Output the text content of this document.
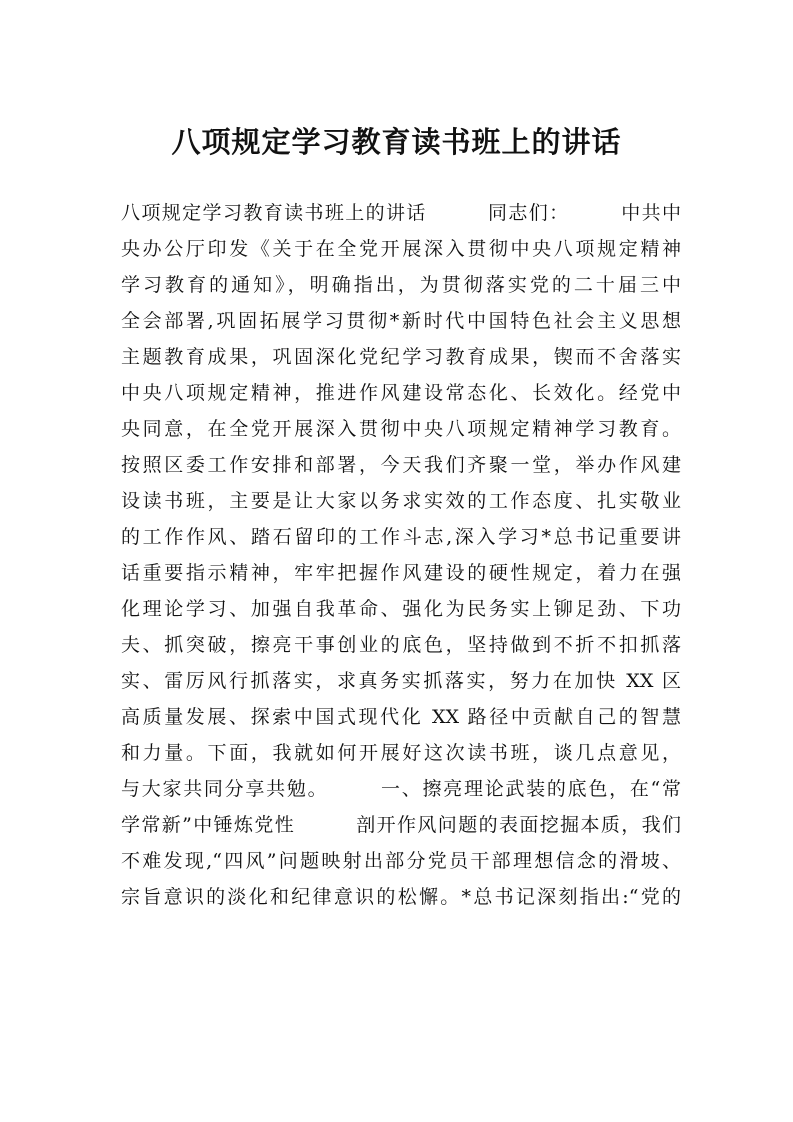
八项规定学习教育读书班上的讲话
八项规定学习教育读书班上的讲话　　　同志们：　　　中共中
央办公厅印发《关于在全党开展深入贯彻中央八项规定精神
学习教育的通知》，明确指出，为贯彻落实党的二十届三中
全会部署,巩固拓展学习贯彻*新时代中国特色社会主义思想
主题教育成果，巩固深化党纪学习教育成果，锲而不舍落实
中央八项规定精神，推进作风建设常态化、长效化。经党中
央同意，在全党开展深入贯彻中央八项规定精神学习教育。
按照区委工作安排和部署，今天我们齐聚一堂，举办作风建
设读书班，主要是让大家以务求实效的工作态度、扎实敬业
的工作作风、踏石留印的工作斗志,深入学习*总书记重要讲
话重要指示精神，牢牢把握作风建设的硬性规定，着力在强
化理论学习、加强自我革命、强化为民务实上铆足劲、下功
夫、抓突破，擦亮干事创业的底色，坚持做到不折不扣抓落
实、雷厉风行抓落实，求真务实抓落实，努力在加快 XX 区
高质量发展、探索中国式现代化 XX 路径中贡献自己的智慧
和力量。下面，我就如何开展好这次读书班，谈几点意见，
与大家共同分享共勉。　　　一、擦亮理论武装的底色，在“常
学常新”中锤炼党性　　　剖开作风问题的表面挖掘本质，我们
不难发现,“四风”问题映射出部分党员干部理想信念的滑坡、
宗旨意识的淡化和纪律意识的松懈。*总书记深刻指出:“党的
